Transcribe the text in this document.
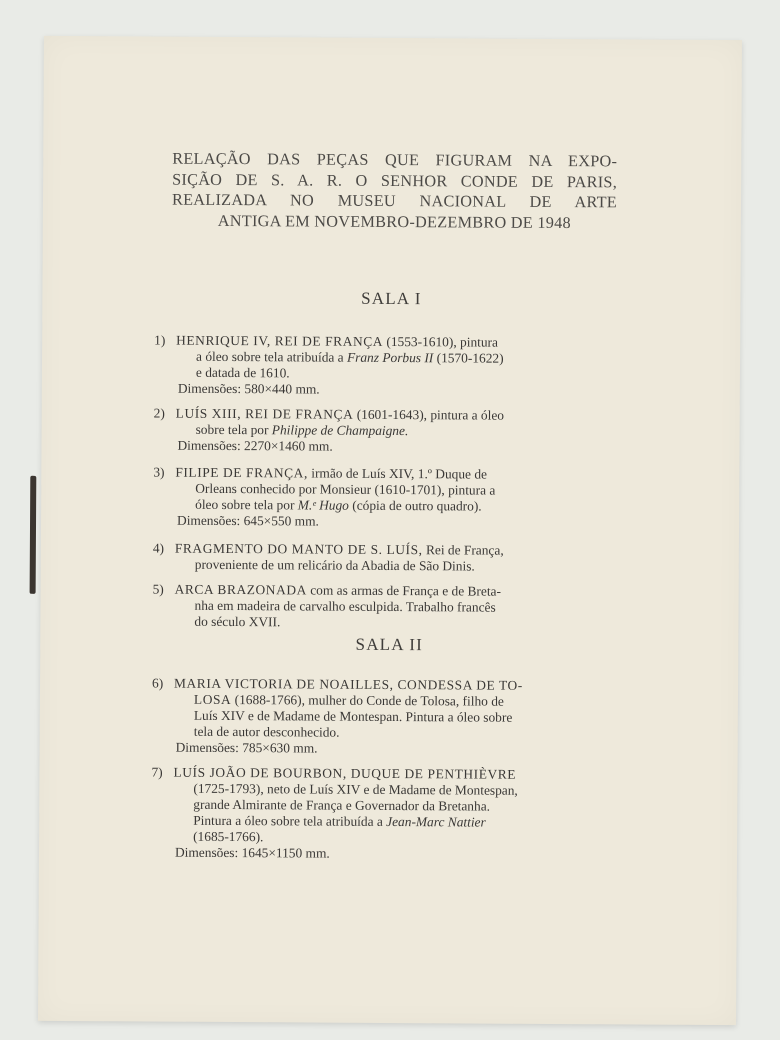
RELAÇÃO DAS PEÇAS QUE FIGURAM NA EXPO-
SIÇÃO DE S. A. R. O SENHOR CONDE DE PARIS,
REALIZADA NO MUSEU NACIONAL DE ARTE
ANTIGA EM NOVEMBRO-DEZEMBRO DE 1948
SALA I
1) HENRIQUE IV, REI DE FRANÇA (1553-1610), pintura
a óleo sobre tela atribuída a Franz Porbus II (1570-1622)
e datada de 1610.
Dimensões: 580×440 mm.
2) LUÍS XIII, REI DE FRANÇA (1601-1643), pintura a óleo
sobre tela por Philippe de Champaigne.
Dimensões: 2270×1460 mm.
3) FILIPE DE FRANÇA, irmão de Luís XIV, 1.º Duque de
Orleans conhecido por Monsieur (1610-1701), pintura a
óleo sobre tela por M.ᵉ Hugo (cópia de outro quadro).
Dimensões: 645×550 mm.
4) FRAGMENTO DO MANTO DE S. LUÍS, Rei de França,
proveniente de um relicário da Abadia de São Dinis.
5) ARCA BRAZONADA com as armas de França e de Breta-
nha em madeira de carvalho esculpida. Trabalho francês
do século XVII.
SALA II
6) MARIA VICTORIA DE NOAILLES, CONDESSA DE TO-
LOSA (1688-1766), mulher do Conde de Tolosa, filho de
Luís XIV e de Madame de Montespan. Pintura a óleo sobre
tela de autor desconhecido.
Dimensões: 785×630 mm.
7) LUÍS JOÃO DE BOURBON, DUQUE DE PENTHIÈVRE
(1725-1793), neto de Luís XIV e de Madame de Montespan,
grande Almirante de França e Governador da Bretanha.
Pintura a óleo sobre tela atribuída a Jean-Marc Nattier
(1685-1766).
Dimensões: 1645×1150 mm.
